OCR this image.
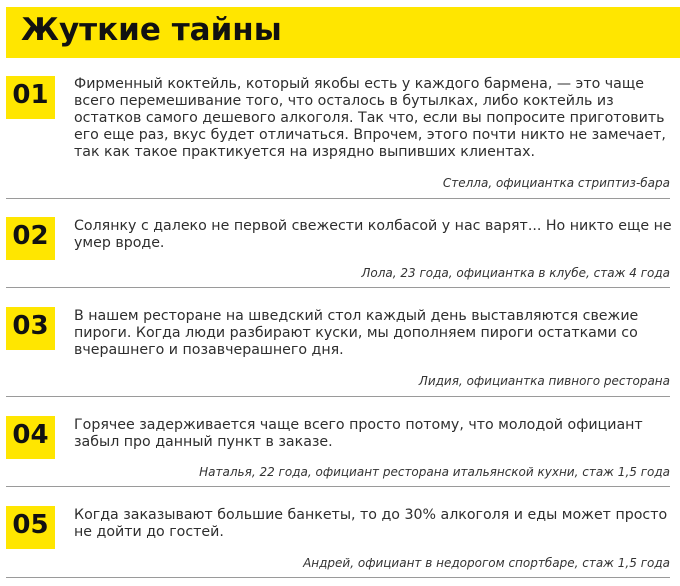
Жуткие тайны
01	Фирменный коктейль, который якобы есть у каждого бармена, — это чаще всего перемешивание того, что осталось в бутылках, либо коктейль из остатков самого дешевого алкоголя. Так что, если вы попросите приготовить его еще раз, вкус будет отличаться. Впрочем, этого почти никто не замечает, так как такое практикуется на изрядно выпивших клиентах.
Стелла, официантка стриптиз-бара
02	Солянку с далеко не первой свежести колбасой у нас варят... Но никто еще не умер вроде.
Лола, 23 года, официантка в клубе, стаж 4 года
03	В нашем ресторане на шведский стол каждый день выставляются свежие пироги. Когда люди разбирают куски, мы дополняем пироги остатками со вчерашнего и позавчерашнего дня.
Лидия, официантка пивного ресторана
04	Горячее задерживается чаще всего просто потому, что молодой официант забыл про данный пункт в заказе.
Наталья, 22 года, официант ресторана итальянской кухни, стаж 1,5 года
05	Когда заказывают большие банкеты, то до 30% алкоголя и еды может просто не дойти до гостей.
Андрей, официант в недорогом спортбаре, стаж 1,5 года
